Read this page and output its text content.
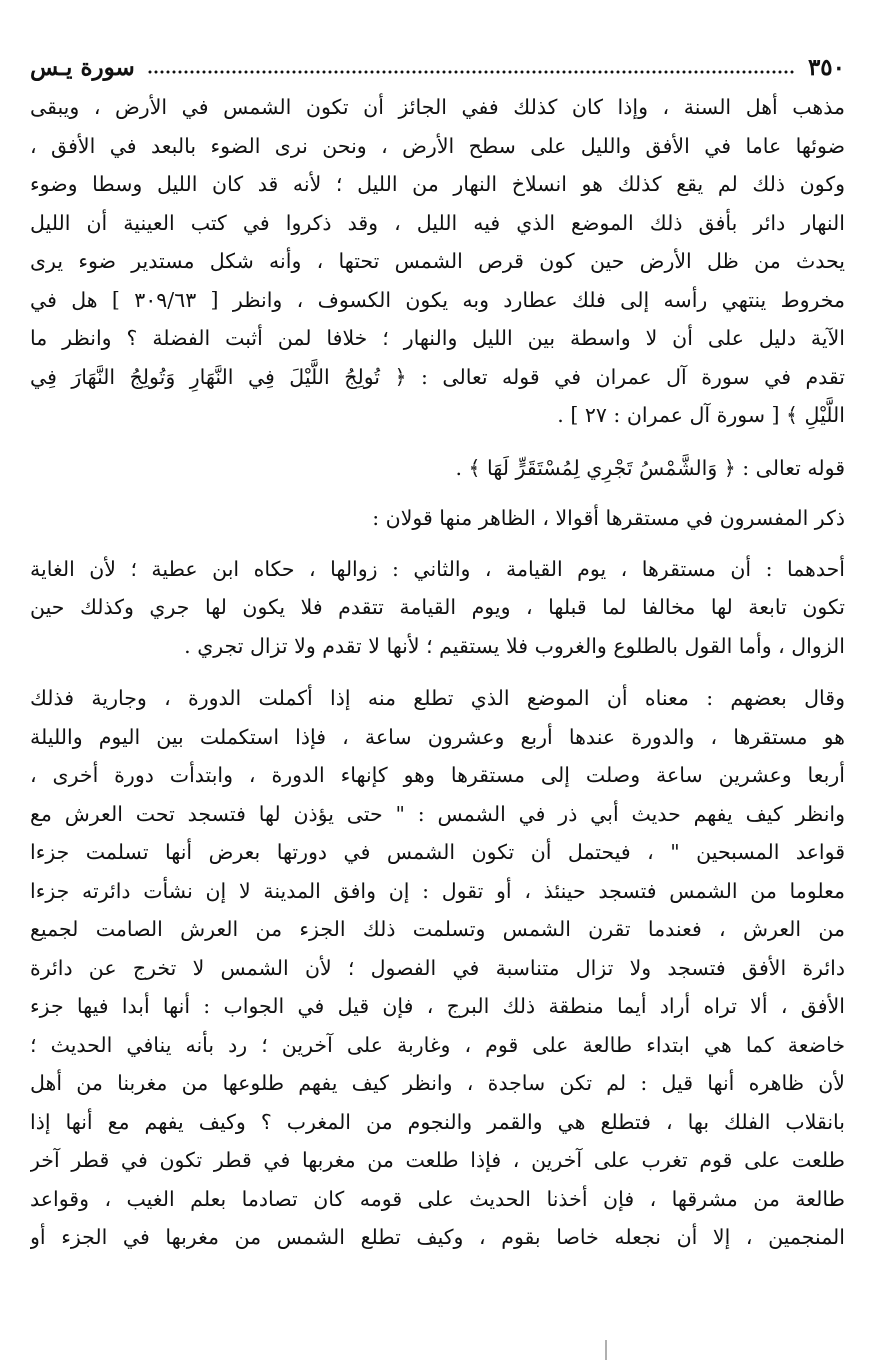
٣٥٠
سورة يـس
مذهب أهل السنة ، وإذا كان كذلك ففي الجائز أن تكون الشمس في الأرض ، ويبقى
ضوئها عاما في الأفق والليل على سطح الأرض ، ونحن نرى الضوء بالبعد في الأفق ،
وكون ذلك لم يقع كذلك هو انسلاخ النهار من الليل ؛ لأنه قد كان الليل وسطا وضوء
النهار دائر بأفق ذلك الموضع الذي فيه الليل ، وقد ذكروا في كتب العينية أن الليل
يحدث من ظل الأرض حين كون قرص الشمس تحتها ، وأنه شكل مستدير ضوء يرى
مخروط ينتهي رأسه إلى فلك عطارد وبه يكون الكسوف ، وانظر [ ٣٠٩/٦٣ ] هل في
الآية دليل على أن لا واسطة بين الليل والنهار ؛ خلافا لمن أثبت الفضلة ؟ وانظر ما
تقدم في سورة آل عمران في قوله تعالى : ﴿ تُولِجُ اللَّيْلَ فِي النَّهَارِ وَتُولِجُ النَّهَارَ فِي
اللَّيْلِ ﴾ [ سورة آل عمران : ٢٧ ] .
قوله تعالى : ﴿ وَالشَّمْسُ تَجْرِي لِمُسْتَقَرٍّ لَهَا ﴾ .
ذكر المفسرون في مستقرها أقوالا ، الظاهر منها قولان :
أحدهما : أن مستقرها ، يوم القيامة ، والثاني : زوالها ، حكاه ابن عطية ؛ لأن الغاية
تكون تابعة لها مخالفا لما قبلها ، ويوم القيامة تتقدم فلا يكون لها جري وكذلك حين
الزوال ، وأما القول بالطلوع والغروب فلا يستقيم ؛ لأنها لا تقدم ولا تزال تجري .
وقال بعضهم : معناه أن الموضع الذي تطلع منه إذا أكملت الدورة ، وجارية فذلك
هو مستقرها ، والدورة عندها أربع وعشرون ساعة ، فإذا استكملت بين اليوم والليلة
أربعا وعشرين ساعة وصلت إلى مستقرها وهو كإنهاء الدورة ، وابتدأت دورة أخرى ،
وانظر كيف يفهم حديث أبي ذر في الشمس : " حتى يؤذن لها فتسجد تحت العرش مع
قواعد المسبحين " ، فيحتمل أن تكون الشمس في دورتها بعرض أنها تسلمت جزءا
معلوما من الشمس فتسجد حينئذ ، أو تقول : إن وافق المدينة لا إن نشأت دائرته جزءا
من العرش ، فعندما تقرن الشمس وتسلمت ذلك الجزء من العرش الصامت لجميع
دائرة الأفق فتسجد ولا تزال متناسبة في الفصول ؛ لأن الشمس لا تخرج عن دائرة
الأفق ، ألا تراه أراد أيما منطقة ذلك البرج ، فإن قيل في الجواب : أنها أبدا فيها جزء
خاضعة كما هي ابتداء طالعة على قوم ، وغاربة على آخرين ؛ رد بأنه ينافي الحديث ؛
لأن ظاهره أنها قيل : لم تكن ساجدة ، وانظر كيف يفهم طلوعها من مغربنا من أهل
بانقلاب الفلك بها ، فتطلع هي والقمر والنجوم من المغرب ؟ وكيف يفهم مع أنها إذا
طلعت على قوم تغرب على آخرين ، فإذا طلعت من مغربها في قطر تكون في قطر آخر
طالعة من مشرقها ، فإن أخذنا الحديث على قومه كان تصادما بعلم الغيب ، وقواعد
المنجمين ، إلا أن نجعله خاصا بقوم ، وكيف تطلع الشمس من مغربها في الجزء أو
